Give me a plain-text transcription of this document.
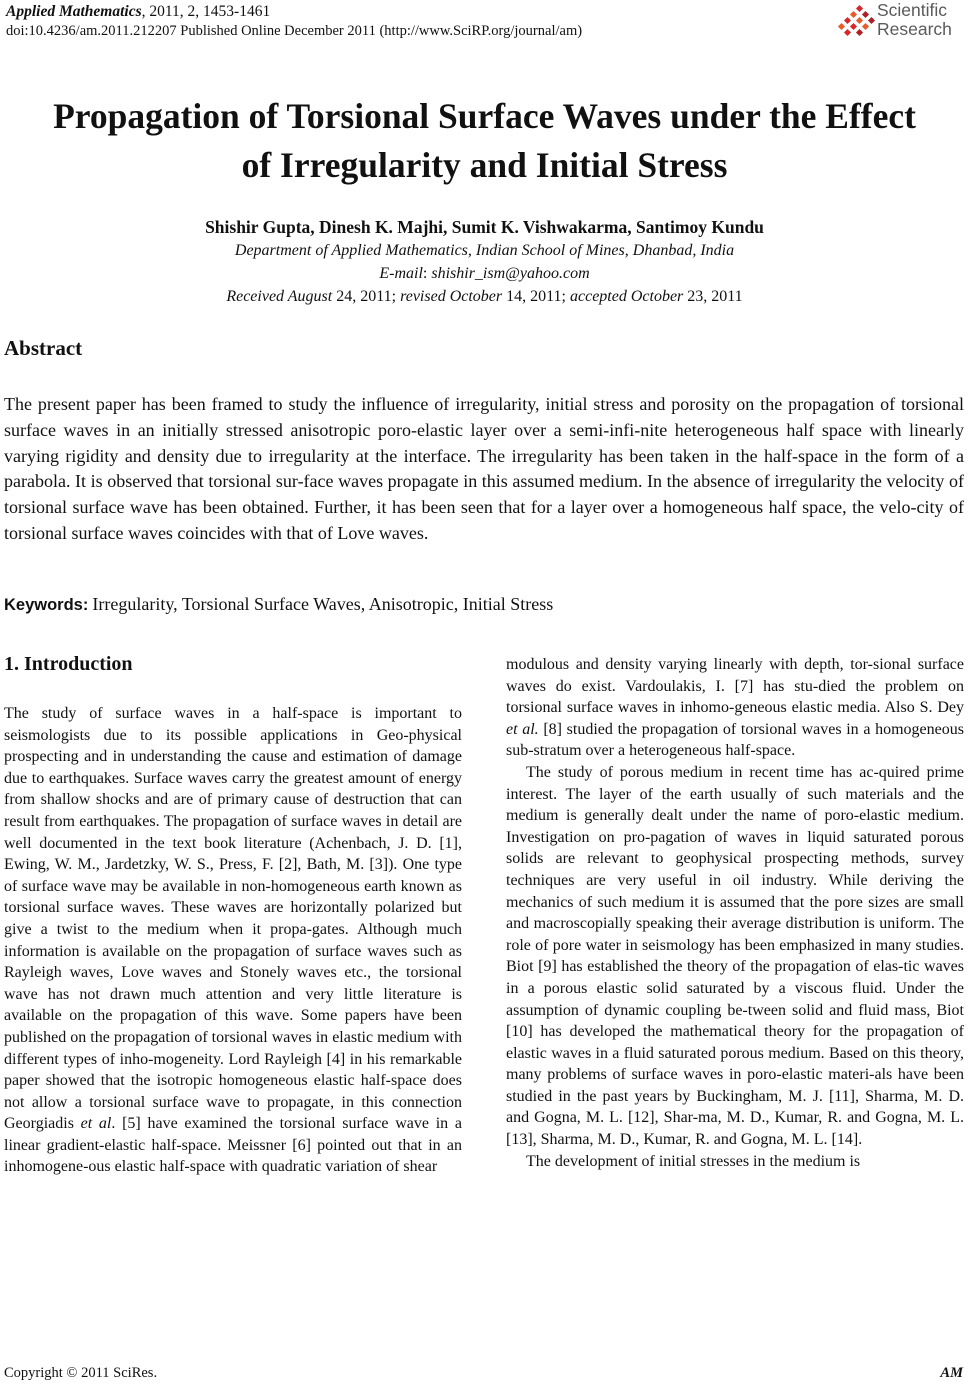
Applied Mathematics, 2011, 2, 1453-1461
doi:10.4236/am.2011.212207 Published Online December 2011 (http://www.SciRP.org/journal/am)
Scientific
Research
Propagation of Torsional Surface Waves under the Effect
of Irregularity and Initial Stress
Shishir Gupta, Dinesh K. Majhi, Sumit K. Vishwakarma, Santimoy Kundu
Department of Applied Mathematics, Indian School of Mines, Dhanbad, India
E-mail: shishir_ism@yahoo.com
Received August 24, 2011; revised October 14, 2011; accepted October 23, 2011
Abstract
The present paper has been framed to study the influence of irregularity, initial stress and porosity on the propagation of torsional surface waves in an initially stressed anisotropic poro-elastic layer over a semi-infi-nite heterogeneous half space with linearly varying rigidity and density due to irregularity at the interface. The irregularity has been taken in the half-space in the form of a parabola. It is observed that torsional sur-face waves propagate in this assumed medium. In the absence of irregularity the velocity of torsional surface wave has been obtained. Further, it has been seen that for a layer over a homogeneous half space, the velo-city of torsional surface waves coincides with that of Love waves.
Keywords: Irregularity, Torsional Surface Waves, Anisotropic, Initial Stress
1. Introduction

The study of surface waves in a half-space is important to seismologists due to its possible applications in Geo-physical prospecting and in understanding the cause and estimation of damage due to earthquakes. Surface waves carry the greatest amount of energy from shallow shocks and are of primary cause of destruction that can result from earthquakes. The propagation of surface waves in detail are well documented in the text book literature (Achenbach, J. D. [1], Ewing, W. M., Jardetzky, W. S., Press, F. [2], Bath, M. [3]). One type of surface wave may be available in non-homogeneous earth known as torsional surface waves. These waves are horizontally polarized but give a twist to the medium when it propa-gates. Although much information is available on the propagation of surface waves such as Rayleigh waves, Love waves and Stonely waves etc., the torsional wave has not drawn much attention and very little literature is available on the propagation of this wave. Some papers have been published on the propagation of torsional waves in elastic medium with different types of inho-mogeneity. Lord Rayleigh [4] in his remarkable paper showed that the isotropic homogeneous elastic half-space does not allow a torsional surface wave to propagate, in this connection Georgiadis et al. [5] have examined the torsional surface wave in a linear gradient-elastic half-space. Meissner [6] pointed out that in an inhomogene-ous elastic half-space with quadratic variation of shear

modulous and density varying linearly with depth, tor-sional surface waves do exist. Vardoulakis, I. [7] has stu-died the problem on torsional surface waves in inhomo-geneous elastic media. Also S. Dey et al. [8] studied the propagation of torsional waves in a homogeneous sub-stratum over a heterogeneous half-space.

The study of porous medium in recent time has ac-quired prime interest. The layer of the earth usually of such materials and the medium is generally dealt under the name of poro-elastic medium. Investigation on pro-pagation of waves in liquid saturated porous solids are relevant to geophysical prospecting methods, survey techniques are very useful in oil industry. While deriving the mechanics of such medium it is assumed that the pore sizes are small and macroscopially speaking their average distribution is uniform. The role of pore water in seismology has been emphasized in many studies. Biot [9] has established the theory of the propagation of elas-tic waves in a porous elastic solid saturated by a viscous fluid. Under the assumption of dynamic coupling be-tween solid and fluid mass, Biot [10] has developed the mathematical theory for the propagation of elastic waves in a fluid saturated porous medium. Based on this theory, many problems of surface waves in poro-elastic materi-als have been studied in the past years by Buckingham, M. J. [11], Sharma, M. D. and Gogna, M. L. [12], Shar-ma, M. D., Kumar, R. and Gogna, M. L. [13], Sharma, M. D., Kumar, R. and Gogna, M. L. [14].

The development of initial stresses in the medium is

Copyright © 2011 SciRes.	AM
